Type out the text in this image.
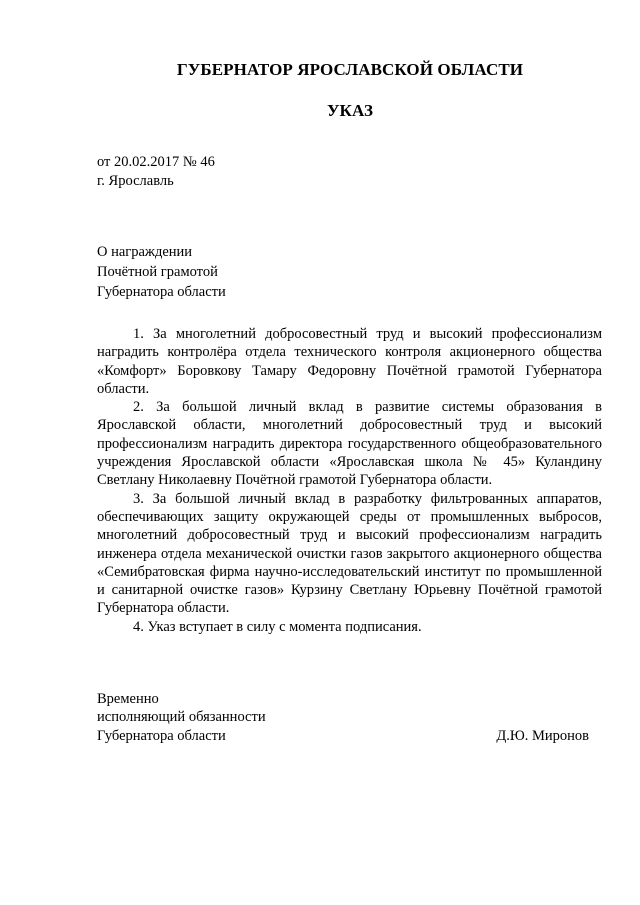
ГУБЕРНАТОР ЯРОСЛАВСКОЙ ОБЛАСТИ
УКАЗ
от 20.02.2017 № 46
г. Ярославль
О награждении
Почётной грамотой
Губернатора области

1. За многолетний добросовестный труд и высокий профессионализм наградить контролёра отдела технического контроля акционерного общества «Комфорт» Боровкову Тамару Федоровну Почётной грамотой Губернатора области.

2. За большой личный вклад в развитие системы образования в Ярославской области, многолетний добросовестный труд и высокий профессионализм наградить директора государственного общеобразовательного учреждения Ярославской области «Ярославская школа № 45» Куландину Светлану Николаевну Почётной грамотой Губернатора области.

3. За большой личный вклад в разработку фильтрованных аппаратов, обеспечивающих защиту окружающей среды от промышленных выбросов, многолетний добросовестный труд и высокий профессионализм наградить инженера отдела механической очистки газов закрытого акционерного общества «Семибратовская фирма научно-исследовательский институт по промышленной и санитарной очистке газов» Курзину Светлану Юрьевну Почётной грамотой Губернатора области.

4. Указ вступает в силу с момента подписания.

Временно
исполняющий обязанности
Губернатора области	Д.Ю. Миронов
